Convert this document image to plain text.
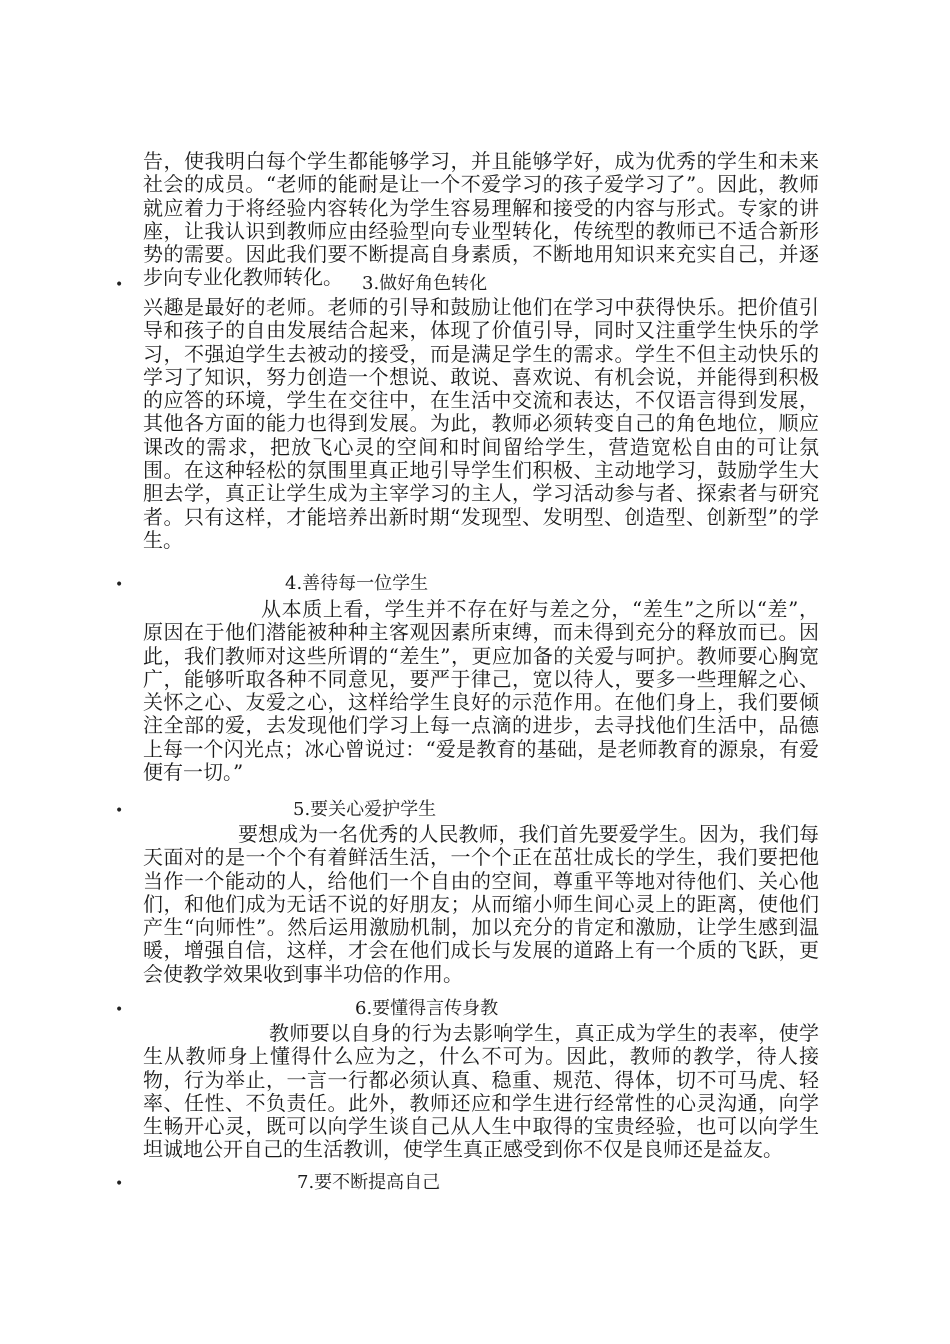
告，使我明白每个学生都能够学习，并且能够学好，成为优秀的学生和未来社会的成员。“老师的能耐是让一个不爱学习的孩子爱学习了”。因此，教师就应着力于将经验内容转化为学生容易理解和接受的内容与形式。专家的讲座，让我认识到教师应由经验型向专业型转化，传统型的教师已不适合新形势的需要。因此我们要不断提高自身素质，不断地用知识来充实自己，并逐步向专业化教师转化。

•	3.做好角色转化

兴趣是最好的老师。老师的引导和鼓励让他们在学习中获得快乐。把价值引导和孩子的自由发展结合起来，体现了价值引导，同时又注重学生快乐的学习，不强迫学生去被动的接受，而是满足学生的需求。学生不但主动快乐的学习了知识，努力创造一个想说、敢说、喜欢说、有机会说，并能得到积极的应答的环境，学生在交往中，在生活中交流和表达，不仅语言得到发展，其他各方面的能力也得到发展。为此，教师必须转变自己的角色地位，顺应课改的需求，把放飞心灵的空间和时间留给学生，营造宽松自由的可让氛围。在这种轻松的氛围里真正地引导学生们积极、主动地学习，鼓励学生大胆去学，真正让学生成为主宰学习的主人，学习活动参与者、探索者与研究者。只有这样，才能培养出新时期“发现型、发明型、创造型、创新型”的学生。

•	4.善待每一位学生

从本质上看，学生并不存在好与差之分，“差生”之所以“差”，原因在于他们潜能被种种主客观因素所束缚，而未得到充分的释放而已。因此，我们教师对这些所谓的“差生”，更应加备的关爱与呵护。教师要心胸宽广，能够听取各种不同意见，要严于律己，宽以待人，要多一些理解之心、关怀之心、友爱之心，这样给学生良好的示范作用。在他们身上，我们要倾注全部的爱，去发现他们学习上每一点滴的进步，去寻找他们生活中，品德上每一个闪光点；冰心曾说过：“爱是教育的基础，是老师教育的源泉，有爱便有一切。”

•	5.要关心爱护学生

要想成为一名优秀的人民教师，我们首先要爱学生。因为，我们每天面对的是一个个有着鲜活生活，一个个正在茁壮成长的学生，我们要把他当作一个能动的人，给他们一个自由的空间，尊重平等地对待他们、关心他们，和他们成为无话不说的好朋友；从而缩小师生间心灵上的距离，使他们产生“向师性”。然后运用激励机制，加以充分的肯定和激励，让学生感到温暖，增强自信，这样，才会在他们成长与发展的道路上有一个质的飞跃，更会使教学效果收到事半功倍的作用。

•	6.要懂得言传身教

教师要以自身的行为去影响学生，真正成为学生的表率，使学生从教师身上懂得什么应为之，什么不可为。因此，教师的教学，待人接物，行为举止，一言一行都必须认真、稳重、规范、得体，切不可马虎、轻率、任性、不负责任。此外，教师还应和学生进行经常性的心灵沟通，向学生畅开心灵，既可以向学生谈自己从人生中取得的宝贵经验，也可以向学生坦诚地公开自己的生活教训，使学生真正感受到你不仅是良师还是益友。

•	7.要不断提高自己
